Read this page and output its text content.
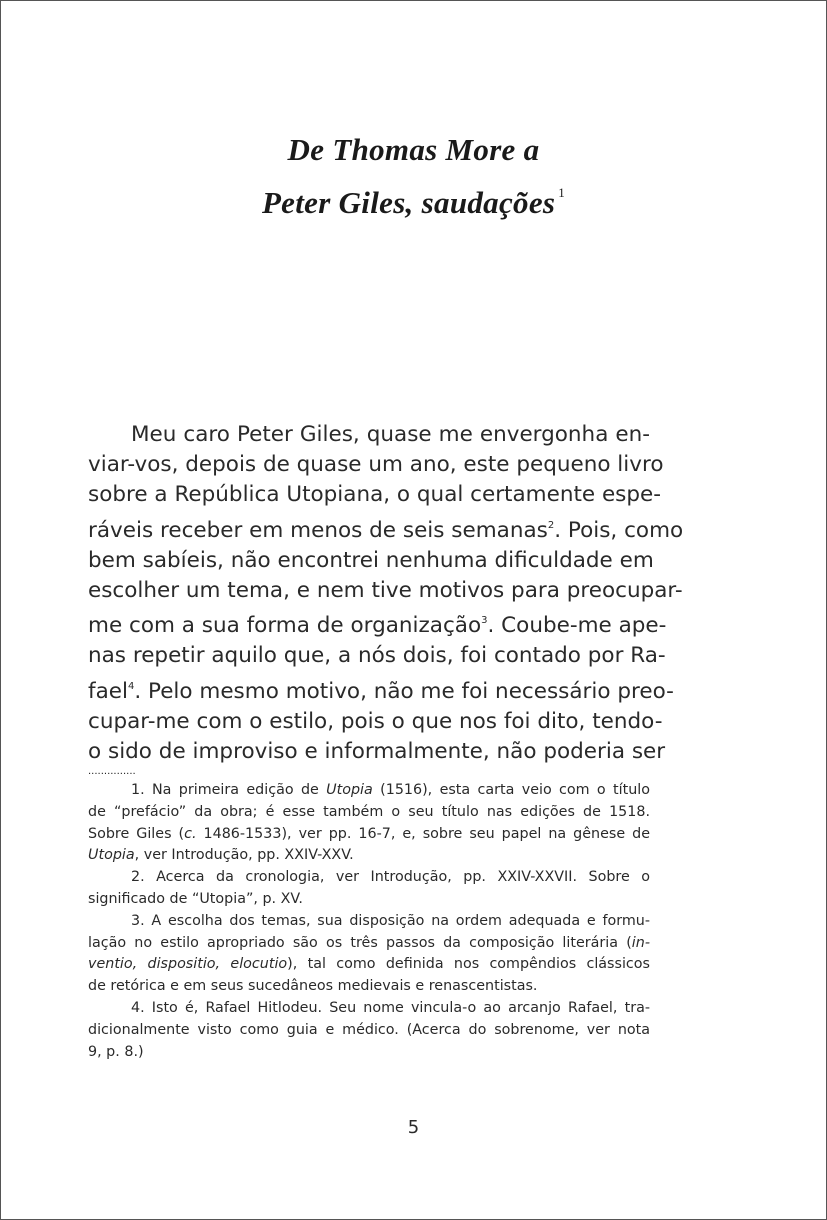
De Thomas More a
Peter Giles, saudações $^1$
Meu caro Peter Giles, quase me envergonha en-
viar-vos, depois de quase um ano, este pequeno livro
sobre a República Utopiana, o qual certamente espe-
ráveis receber em menos de seis semanas$^2$. Pois, como
bem sabíeis, não encontrei nenhuma dificuldade em
escolher um tema, e nem tive motivos para preocupar-
me com a sua forma de organização$^3$. Coube-me ape-
nas repetir aquilo que, a nós dois, foi contado por Ra-
fael$^4$. Pelo mesmo motivo, não me foi necessário preo-
cupar-me com o estilo, pois o que nos foi dito, tendo-
o sido de improviso e informalmente, não poderia ser
...............
1. Na primeira edição de Utopia (1516), esta carta veio com o título
de “prefácio” da obra; é esse também o seu título nas edições de 1518.
Sobre Giles (c. 1486-1533), ver pp. 16-7, e, sobre seu papel na gênese de
Utopia, ver Introdução, pp. XXIV-XXV.
2. Acerca da cronologia, ver Introdução, pp. XXIV-XXVII. Sobre o
significado de “Utopia”, p. XV.
3. A escolha dos temas, sua disposição na ordem adequada e formu-
lação no estilo apropriado são os três passos da composição literária (in-
ventio, dispositio, elocutio), tal como definida nos compêndios clássicos
de retórica e em seus sucedâneos medievais e renascentistas.
4. Isto é, Rafael Hitlodeu. Seu nome vincula-o ao arcanjo Rafael, tra-
dicionalmente visto como guia e médico. (Acerca do sobrenome, ver nota
9, p. 8.)
5
